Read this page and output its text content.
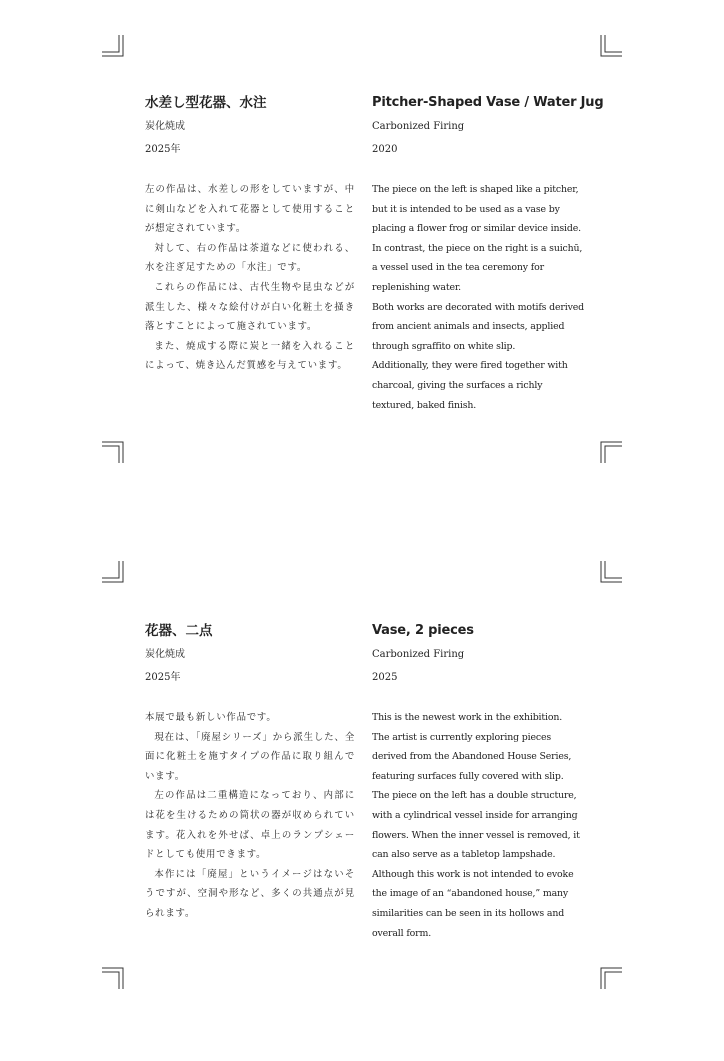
水差し型花器、水注
炭化焼成
2025年

左の作品は、水差しの形をしていますが、中に剣山などを入れて花器として使用することが想定されています。

対して、右の作品は茶道などに使われる、水を注ぎ足すための「水注」です。

これらの作品には、古代生物や昆虫などが派生した、様々な絵付けが白い化粧土を掻き落とすことによって施されています。

また、焼成する際に炭と一緒を入れることによって、焼き込んだ質感を与えています。

Pitcher-Shaped Vase / Water Jug
Carbonized Firing
2020

The piece on the left is shaped like a pitcher, but it is intended to be used as a vase by placing a flower frog or similar device inside.

In contrast, the piece on the right is a suichū, a vessel used in the tea ceremony for replenishing water.

Both works are decorated with motifs derived from ancient animals and insects, applied through sgraffito on white slip.

Additionally, they were fired together with charcoal, giving the surfaces a richly textured, baked finish.

花器、二点
炭化焼成
2025年

本展で最も新しい作品です。

現在は、「廃屋シリーズ」から派生した、全面に化粧土を施すタイプの作品に取り組んでいます。

左の作品は二重構造になっており、内部には花を生けるための筒状の器が収められています。花入れを外せば、卓上のランプシェードとしても使用できます。

本作には「廃屋」というイメージはないそうですが、空洞や形など、多くの共通点が見られます。

Vase, 2 pieces
Carbonized Firing
2025

This is the newest work in the exhibition.

The artist is currently exploring pieces derived from the Abandoned House Series, featuring surfaces fully covered with slip.

The piece on the left has a double structure, with a cylindrical vessel inside for arranging flowers. When the inner vessel is removed, it can also serve as a tabletop lampshade.

Although this work is not intended to evoke the image of an “abandoned house,” many similarities can be seen in its hollows and overall form.
